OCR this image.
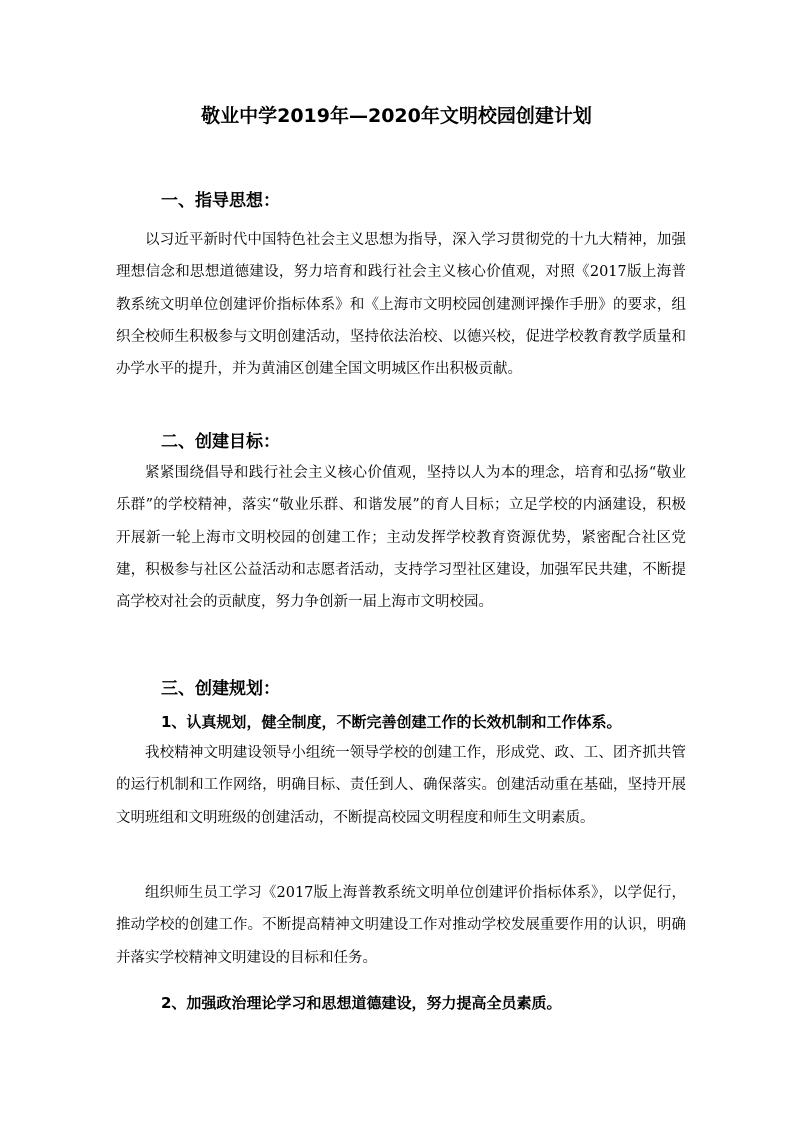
敬业中学2019年—2020年文明校园创建计划
一、指导思想：
以习近平新时代中国特色社会主义思想为指导，深入学习贯彻党的十九大精神，加强理想信念和思想道德建设，努力培育和践行社会主义核心价值观，对照《2017版上海普教系统文明单位创建评价指标体系》和《上海市文明校园创建测评操作手册》的要求，组织全校师生积极参与文明创建活动，坚持依法治校、以德兴校，促进学校教育教学质量和办学水平的提升，并为黄浦区创建全国文明城区作出积极贡献。
二、创建目标：
紧紧围绕倡导和践行社会主义核心价值观，坚持以人为本的理念，培育和弘扬“敬业乐群”的学校精神，落实“敬业乐群、和谐发展”的育人目标；立足学校的内涵建设，积极开展新一轮上海市文明校园的创建工作；主动发挥学校教育资源优势，紧密配合社区党建，积极参与社区公益活动和志愿者活动，支持学习型社区建设，加强军民共建，不断提高学校对社会的贡献度，努力争创新一届上海市文明校园。
三、创建规划：
1、认真规划，健全制度，不断完善创建工作的长效机制和工作体系。
我校精神文明建设领导小组统一领导学校的创建工作，形成党、政、工、团齐抓共管的运行机制和工作网络，明确目标、责任到人、确保落实。创建活动重在基础，坚持开展文明班组和文明班级的创建活动，不断提高校园文明程度和师生文明素质。
组织师生员工学习《2017版上海普教系统文明单位创建评价指标体系》，以学促行，推动学校的创建工作。不断提高精神文明建设工作对推动学校发展重要作用的认识，明确并落实学校精神文明建设的目标和任务。
2、加强政治理论学习和思想道德建设，努力提高全员素质。
